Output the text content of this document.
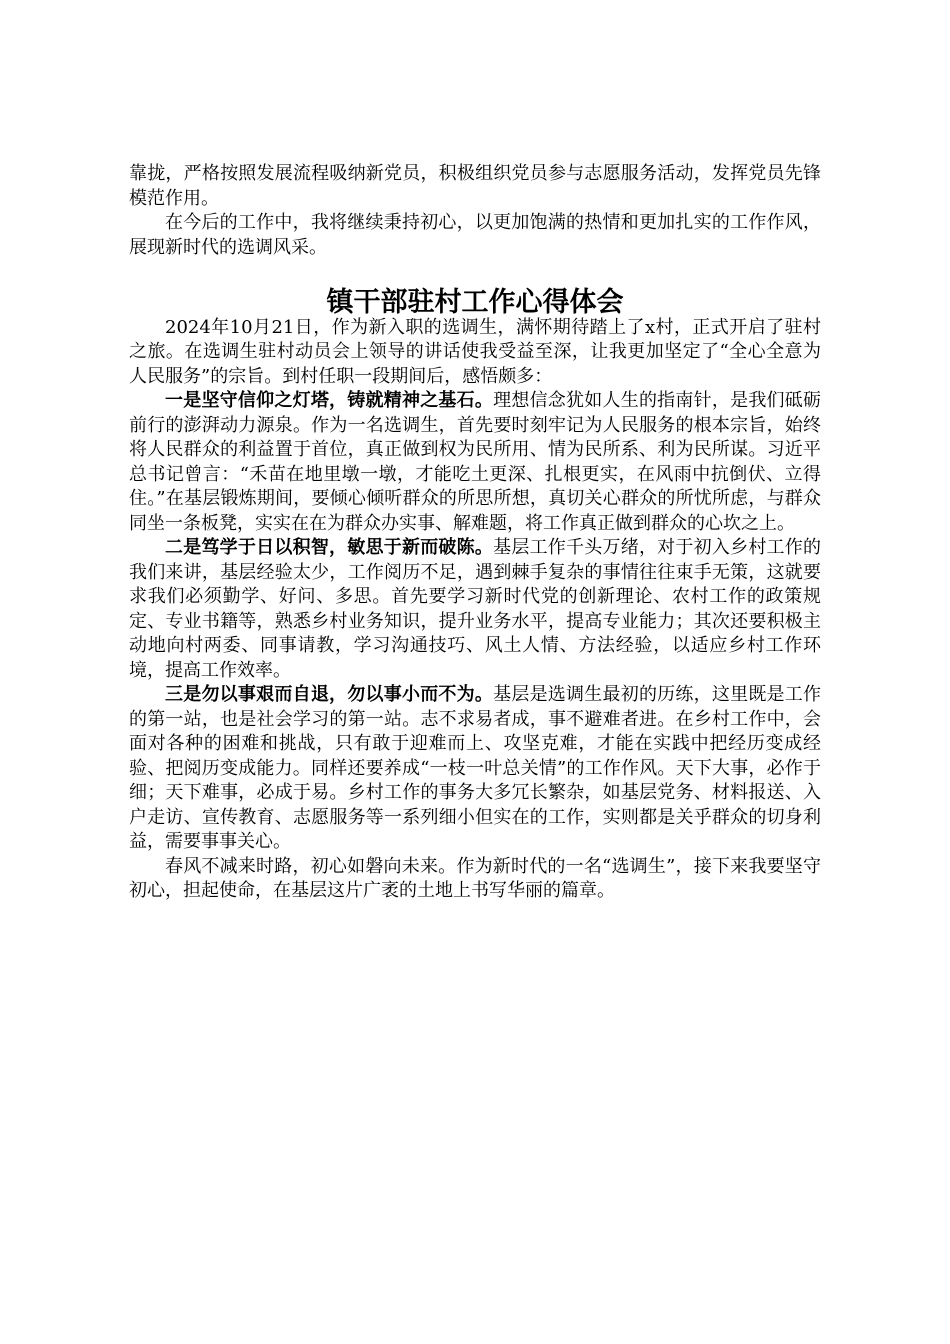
靠拢，严格按照发展流程吸纳新党员，积极组织党员参与志愿服务活动，发挥党员先锋模范作用。

在今后的工作中，我将继续秉持初心，以更加饱满的热情和更加扎实的工作作风，展现新时代的选调风采。

镇干部驻村工作心得体会

2024年10月21日，作为新入职的选调生，满怀期待踏上了x村，正式开启了驻村之旅。在选调生驻村动员会上领导的讲话使我受益至深，让我更加坚定了“全心全意为人民服务”的宗旨。到村任职一段期间后，感悟颇多：

一是坚守信仰之灯塔，铸就精神之基石。理想信念犹如人生的指南针，是我们砥砺前行的澎湃动力源泉。作为一名选调生，首先要时刻牢记为人民服务的根本宗旨，始终将人民群众的利益置于首位，真正做到权为民所用、情为民所系、利为民所谋。习近平总书记曾言：“禾苗在地里墩一墩，才能吃土更深、扎根更实，在风雨中抗倒伏、立得住。”在基层锻炼期间，要倾心倾听群众的所思所想，真切关心群众的所忧所虑，与群众同坐一条板凳，实实在在为群众办实事、解难题，将工作真正做到群众的心坎之上。

二是笃学于日以积智，敏思于新而破陈。基层工作千头万绪，对于初入乡村工作的我们来讲，基层经验太少，工作阅历不足，遇到棘手复杂的事情往往束手无策，这就要求我们必须勤学、好问、多思。首先要学习新时代党的创新理论、农村工作的政策规定、专业书籍等，熟悉乡村业务知识，提升业务水平，提高专业能力；其次还要积极主动地向村两委、同事请教，学习沟通技巧、风土人情、方法经验，以适应乡村工作环境，提高工作效率。

三是勿以事艰而自退，勿以事小而不为。基层是选调生最初的历练，这里既是工作的第一站，也是社会学习的第一站。志不求易者成，事不避难者进。在乡村工作中，会面对各种的困难和挑战，只有敢于迎难而上、攻坚克难，才能在实践中把经历变成经验、把阅历变成能力。同样还要养成“一枝一叶总关情”的工作作风。天下大事，必作于细；天下难事，必成于易。乡村工作的事务大多冗长繁杂，如基层党务、材料报送、入户走访、宣传教育、志愿服务等一系列细小但实在的工作，实则都是关乎群众的切身利益，需要事事关心。

春风不减来时路，初心如磐向未来。作为新时代的一名“选调生”，接下来我要坚守初心，担起使命，在基层这片广袤的土地上书写华丽的篇章。
